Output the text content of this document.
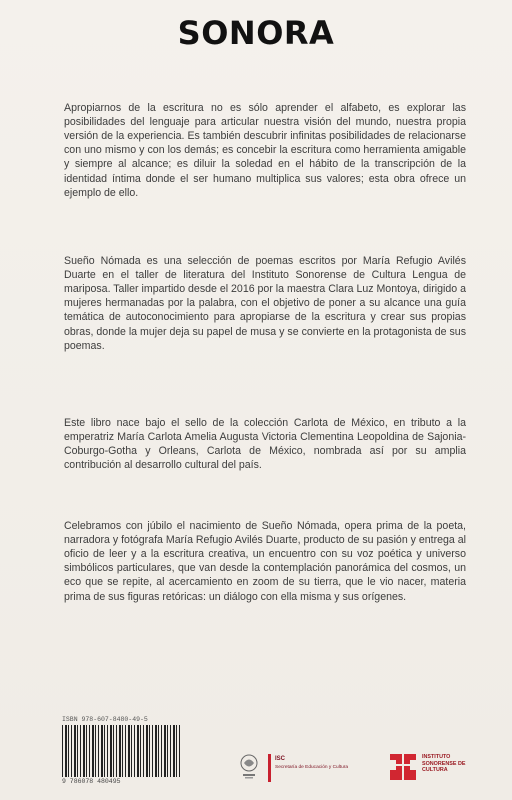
SONORA

Apropiarnos de la escritura no es sólo aprender el alfabeto, es explorar las posibilidades del lenguaje para articular nuestra visión del mundo, nuestra propia versión de la experiencia. Es también descubrir infinitas posibilidades de relacionarse con uno mismo y con los demás; es concebir la escritura como herramienta amigable y siempre al alcance; es diluir la soledad en el hábito de la transcripción de la identidad íntima donde el ser humano multiplica sus valores; esta obra ofrece un ejemplo de ello.

Sueño Nómada es una selección de poemas escritos por María Refugio Avilés Duarte en el taller de literatura del Instituto Sonorense de Cultura Lengua de mariposa. Taller impartido desde el 2016 por la maestra Clara Luz Montoya, dirigido a mujeres hermanadas por la palabra, con el objetivo de poner a su alcance una guía temática de autoconocimiento para apropiarse de la escritura y crear sus propias obras, donde la mujer deja su papel de musa y se convierte en la protagonista de sus poemas.

Este libro nace bajo el sello de la colección Carlota de México, en tributo a la emperatriz María Carlota Amelia Augusta Victoria Clementina Leopoldina de Sajonia-Coburgo-Gotha y Orleans, Carlota de México, nombrada así por su amplia contribución al desarrollo cultural del país.

Celebramos con júbilo el nacimiento de Sueño Nómada, opera prima de la poeta, narradora y fotógrafa María Refugio Avilés Duarte, producto de su pasión y entrega al oficio de leer y a la escritura creativa, un encuentro con su voz poética y universo simbólicos particulares, que van desde la contemplación panorámica del cosmos, un eco que se repite, al acercamiento en zoom de su tierra, que le vio nacer, materia prima de sus figuras retóricas: un diálogo con ella misma y sus orígenes.

ISBN 978-607-8480-49-5
9 786078 480495
ISC
Secretaría de Educación y Cultura
INSTITUTO SONORENSE DE CULTURA
